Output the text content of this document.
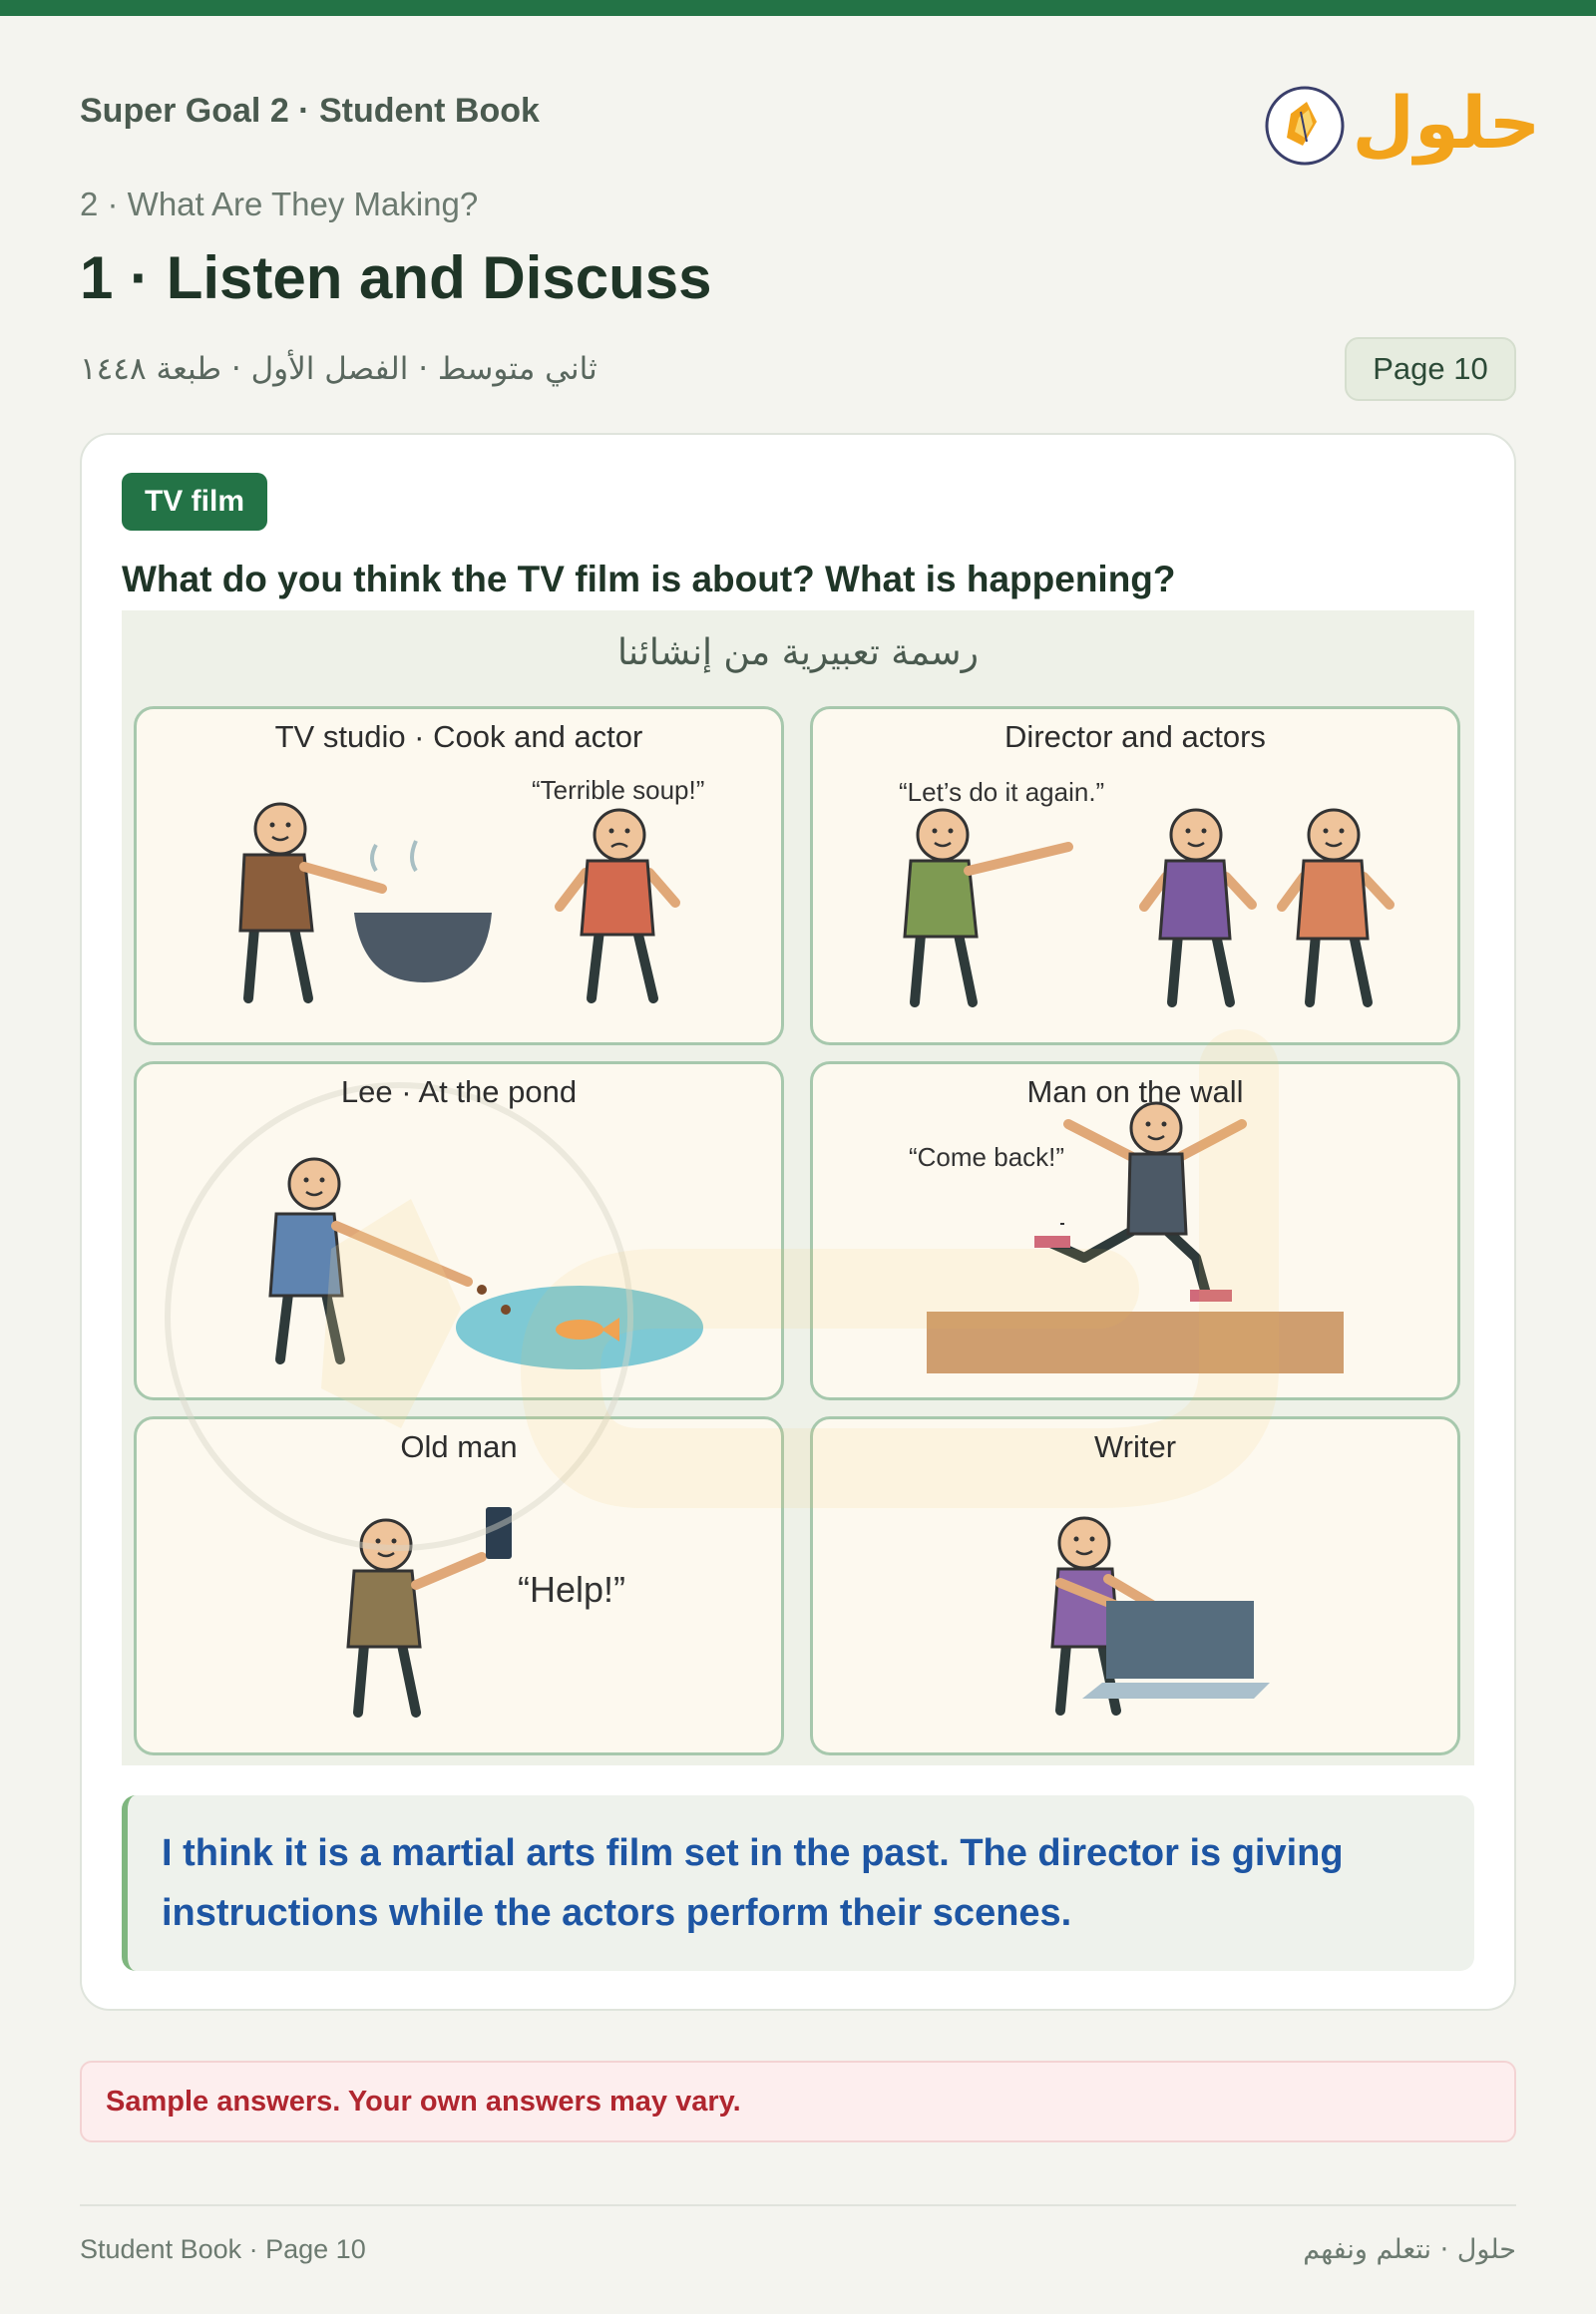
Super Goal 2 · Student Book	حلول
2 · What Are They Making?
1 · Listen and Discuss
ثاني متوسط · الفصل الأول · طبعة ١٤٤٨	Page 10
TV film
What do you think the TV film is about? What is happening?
رسمة تعبيرية من إنشائنا
TV studio · Cook and actor
“Terrible soup!”
Director and actors
“Let’s do it again.”
Lee · At the pond	Man on the wall
“Come back!”
Old man
“Help!”
Writer
I think it is a martial arts film set in the past. The director is giving instructions while the actors perform their scenes.
Sample answers. Your own answers may vary.
Student Book · Page 10	حلول · نتعلم ونفهم
